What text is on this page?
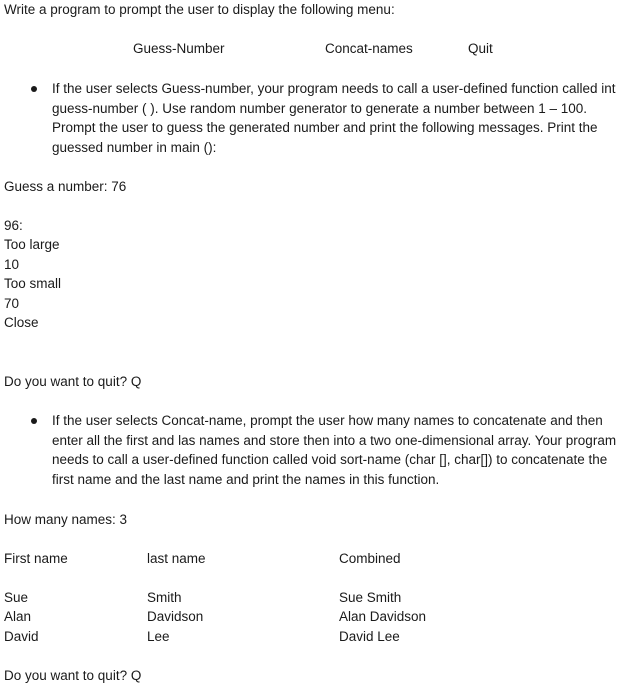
Write a program to prompt the user to display the following menu:
Guess-Number	Concat-names	Quit
If the user selects Guess-number, your program needs to call a user-defined function called int guess-number ( ). Use random number generator to generate a number between 1 – 100. Prompt the user to guess the generated number and print the following messages. Print the guessed number in main ():
Guess a number: 76
96:
Too large
10
Too small
70
Close
Do you want to quit? Q
If the user selects Concat-name, prompt the user how many names to concatenate and then enter all the first and las names and store then into a two one-dimensional array. Your program needs to call a user-defined function called void sort-name (char [], char[]) to concatenate the first name and the last name and print the names in this function.
How many names: 3
First name	last name	Combined
Sue	Smith	Sue Smith
Alan	Davidson	Alan Davidson
David	Lee	David Lee
Do you want to quit? Q
